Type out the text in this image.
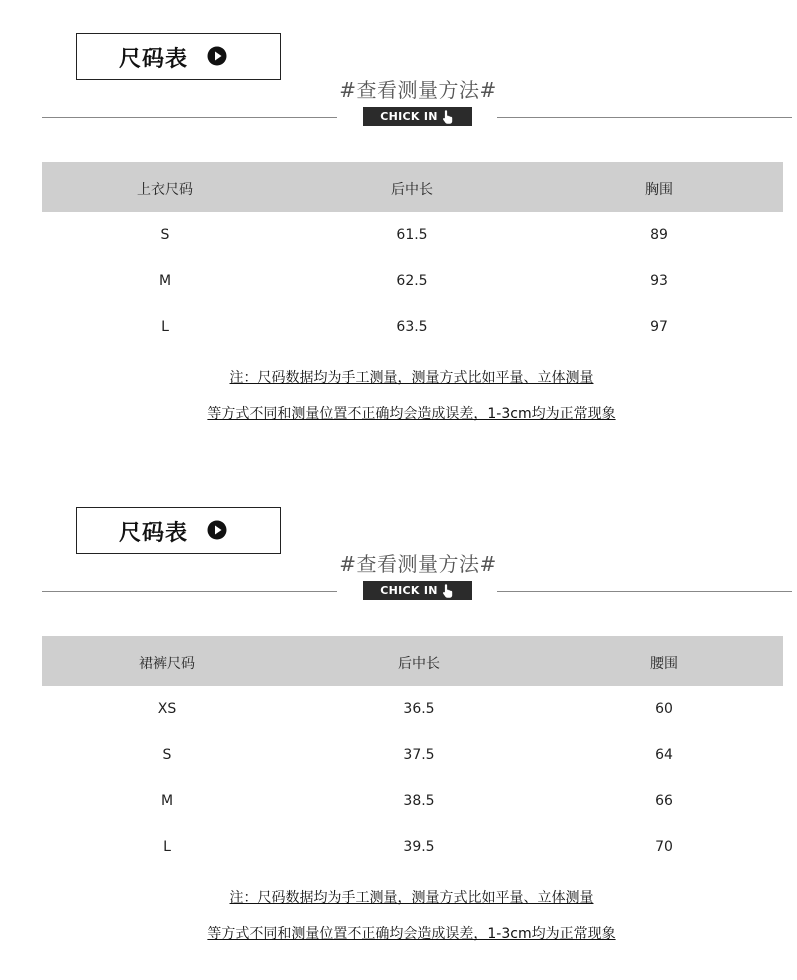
尺码表
#查看测量方法#
CHICK IN
上衣尺码	后中长	胸围
S	61.5	89
M	62.5	93
L	63.5	97
注：尺码数据均为手工测量，测量方式比如平量、立体测量
等方式不同和测量位置不正确均会造成误差，1-3cm均为正常现象
尺码表
#查看测量方法#
CHICK IN
裙裤尺码	后中长	腰围
XS	36.5	60
S	37.5	64
M	38.5	66
L	39.5	70
注：尺码数据均为手工测量，测量方式比如平量、立体测量
等方式不同和测量位置不正确均会造成误差，1-3cm均为正常现象
